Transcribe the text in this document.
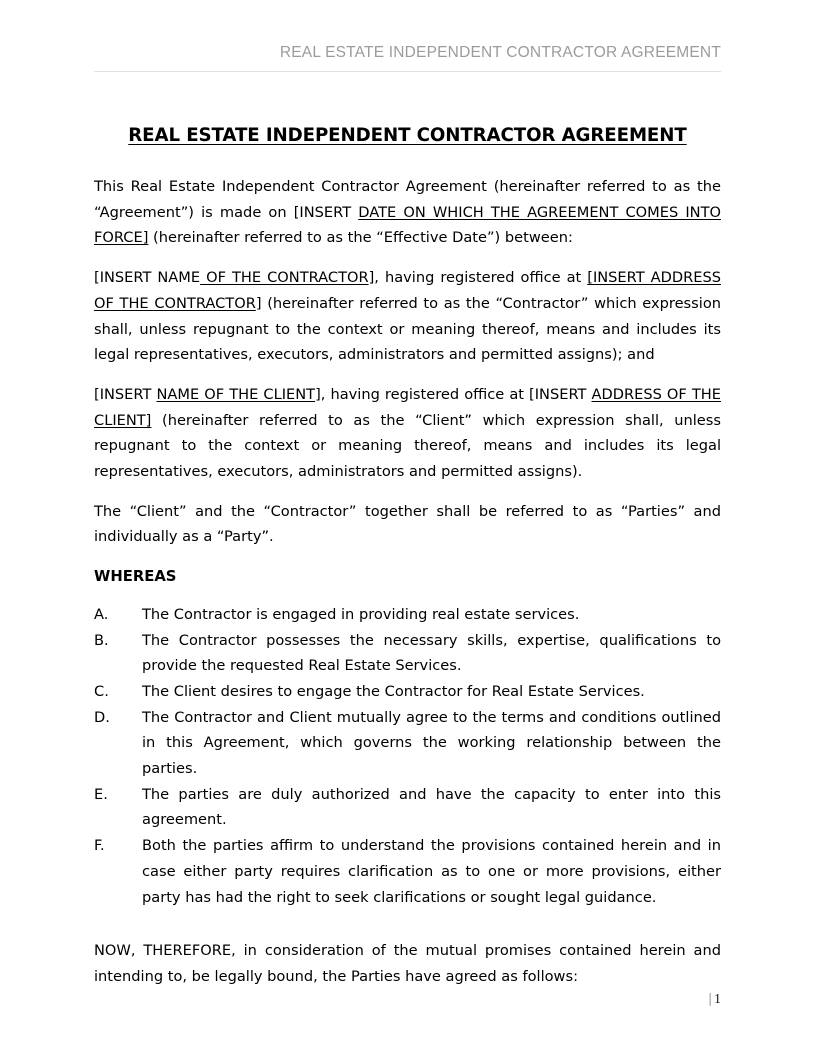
REAL ESTATE INDEPENDENT CONTRACTOR AGREEMENT
REAL ESTATE INDEPENDENT CONTRACTOR AGREEMENT

This Real Estate Independent Contractor Agreement (hereinafter referred to as the “Agreement”) is made on [INSERT DATE ON WHICH THE AGREEMENT COMES INTO FORCE] (hereinafter referred to as the “Effective Date”) between:

[INSERT NAME OF THE CONTRACTOR], having registered office at [INSERT ADDRESS OF THE CONTRACTOR] (hereinafter referred to as the “Contractor” which expression shall, unless repugnant to the context or meaning thereof, means and includes its legal representatives, executors, administrators and permitted assigns); and

[INSERT NAME OF THE CLIENT], having registered office at [INSERT ADDRESS OF THE CLIENT] (hereinafter referred to as the “Client” which expression shall, unless repugnant to the context or meaning thereof, means and includes its legal representatives, executors, administrators and permitted assigns).

The “Client” and the “Contractor” together shall be referred to as “Parties” and individually as a “Party”.

WHEREAS
A.	The Contractor is engaged in providing real estate services.
B.	The Contractor possesses the necessary skills, expertise, qualifications to provide the requested Real Estate Services.
C.	The Client desires to engage the Contractor for Real Estate Services.
D.	The Contractor and Client mutually agree to the terms and conditions outlined in this Agreement, which governs the working relationship between the parties.
E.	The parties are duly authorized and have the capacity to enter into this agreement.
F.	Both the parties affirm to understand the provisions contained herein and in case either party requires clarification as to one or more provisions, either party has had the right to seek clarifications or sought legal guidance.

NOW, THEREFORE, in consideration of the mutual promises contained herein and intending to, be legally bound, the Parties have agreed as follows:

| 1
